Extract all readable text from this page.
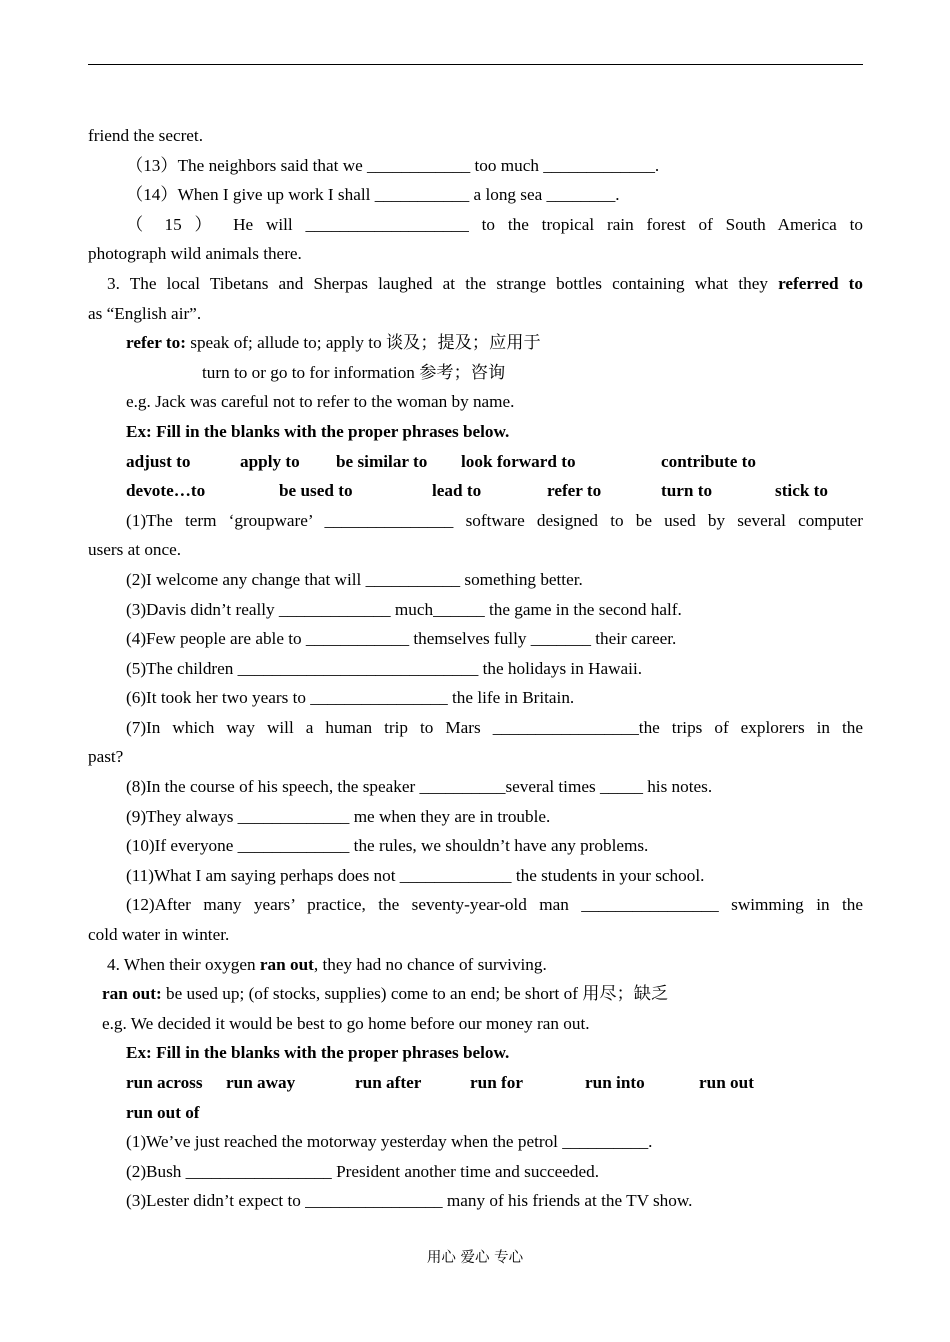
friend the secret.
（13）The neighbors said that we ____________ too much _____________.
（14）When I give up work I shall ___________ a long sea ________.
（ 15 ） He will ___________________ to the tropical rain forest of South America to
photograph wild animals there.
3. The local Tibetans and Sherpas laughed at the strange bottles containing what they referred to
as “English air”.
refer to: speak of; allude to; apply to 谈及；提及；应用于
turn to or go to for information 参考；咨询
e.g. Jack was careful not to refer to the woman by name.
Ex: Fill in the blanks with the proper phrases below.
adjust to	apply to	be similar to	look forward to	contribute to
devote…to	be used to	lead to	refer to	turn to	stick to
(1)The term ‘groupware’ _______________ software designed to be used by several computer
users at once.
(2)I welcome any change that will ___________ something better.
(3)Davis didn’t really _____________ much______ the game in the second half.
(4)Few people are able to ____________ themselves fully _______ their career.
(5)The children ____________________________ the holidays in Hawaii.
(6)It took her two years to ________________ the life in Britain.
(7)In which way will a human trip to Mars _________________the trips of explorers in the
past?
(8)In the course of his speech, the speaker __________several times _____ his notes.
(9)They always _____________ me when they are in trouble.
(10)If everyone _____________ the rules, we shouldn’t have any problems.
(11)What I am saying perhaps does not _____________ the students in your school.
(12)After many years’ practice, the seventy-year-old man ________________ swimming in the
cold water in winter.
4. When their oxygen ran out, they had no chance of surviving.
ran out: be used up; (of stocks, supplies) come to an end; be short of 用尽；缺乏
e.g. We decided it would be best to go home before our money ran out.
Ex: Fill in the blanks with the proper phrases below.
run across	run away	run after	run for	run into	run out
run out of
(1)We’ve just reached the motorway yesterday when the petrol __________.
(2)Bush _________________ President another time and succeeded.
(3)Lester didn’t expect to ________________ many of his friends at the TV show.
用心 爱心 专心
